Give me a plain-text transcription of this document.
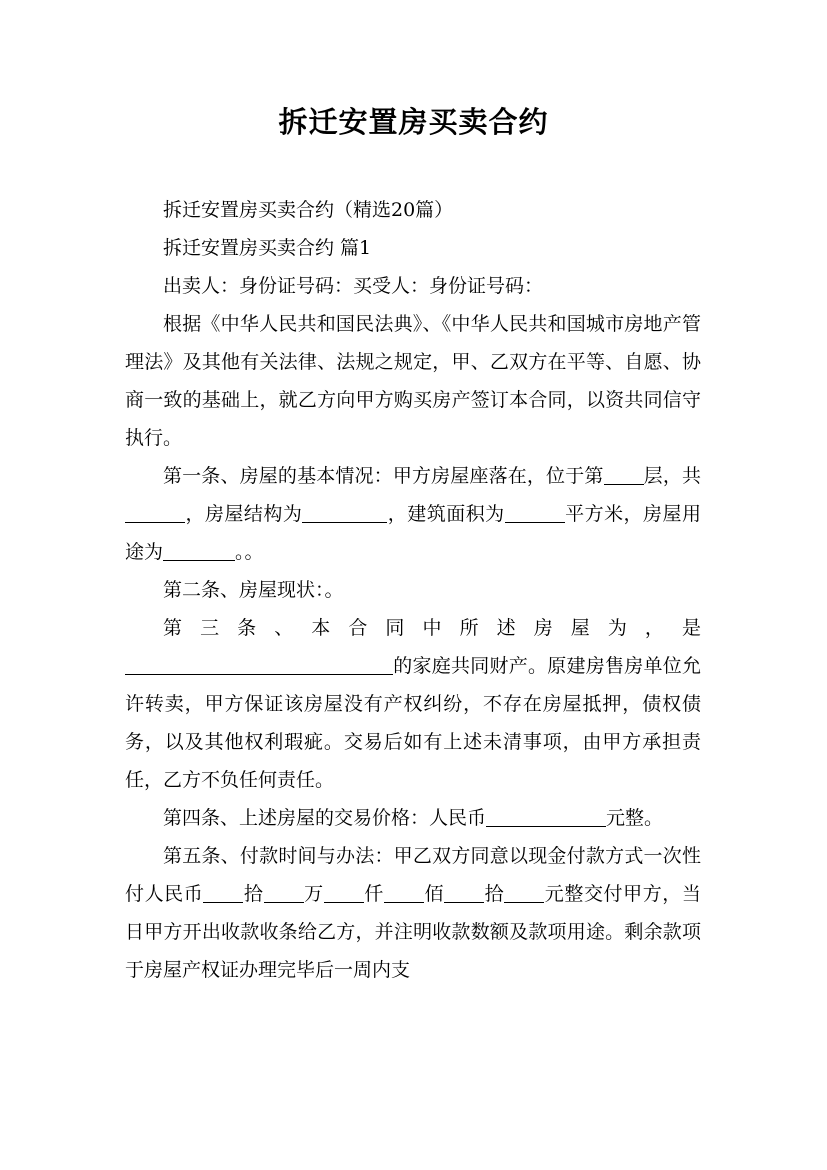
拆迁安置房买卖合约

拆迁安置房买卖合约（精选20篇）

拆迁安置房买卖合约 篇1

出卖人：身份证号码：买受人：身份证号码：

根据《中华人民共和国民法典》、《中华人民共和国城市房地产管理法》及其他有关法律、法规之规定，甲、乙双方在平等、自愿、协商一致的基础上，就乙方向甲方购买房产签订本合同，以资共同信守执行。

第一条、房屋的基本情况：甲方房屋座落在，位于第 层，共，房屋结构为	，建筑面积为	平方米，房屋用途为	。。

第二条、房屋现状：。

第三条、本合同中所述房屋为，是

的家庭共同财产。原建房售房单位允许转卖，甲方保证该房屋没有产权纠纷，不存在房屋抵押，债权债务，以及其他权利瑕疵。交易后如有上述未清事项，由甲方承担责任，乙方不负任何责任。

第四条、上述房屋的交易价格：人民币	元整。

第五条、付款时间与办法：甲乙双方同意以现金付款方式一次性付人民币 拾 万 仟 佰 拾 元整交付甲方，当日甲方开出收款收条给乙方，并注明收款数额及款项用途。剩余款项于房屋产权证办理完毕后一周内支
